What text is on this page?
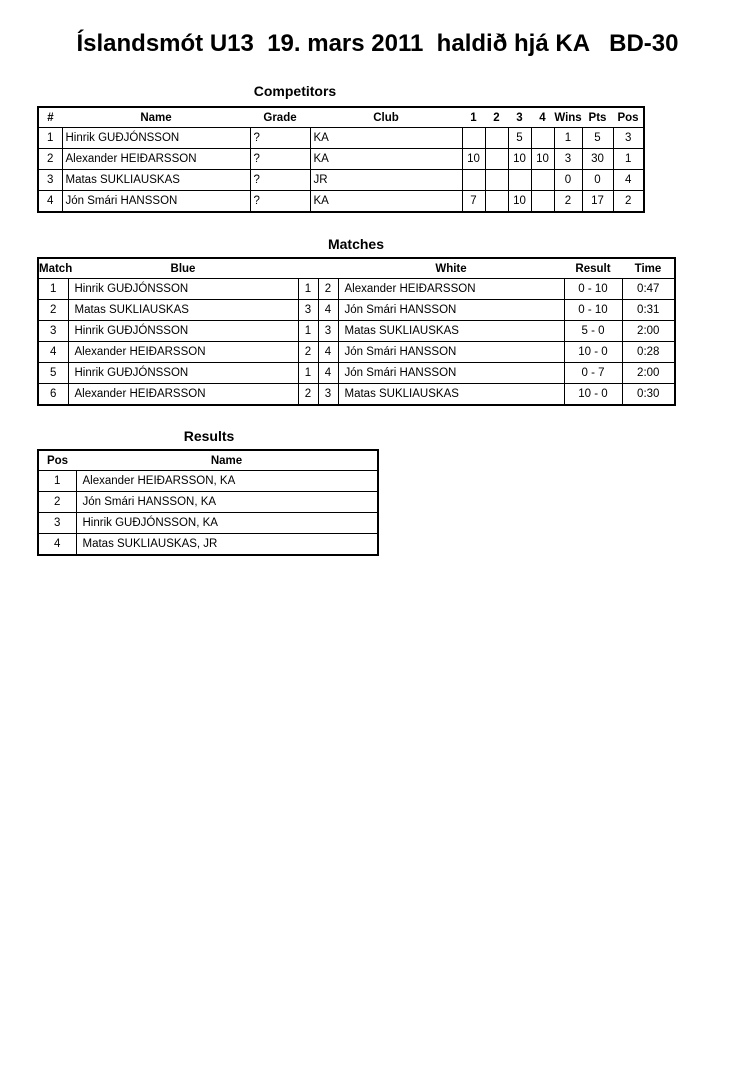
Íslandsmót U13  19. mars 2011  haldið hjá KA   BD-30
Competitors
#	Name	Grade	Club	1	2	3	4	Wins	Pts	Pos
1	Hinrik GUÐJÓNSSON	?	KA			5		1	5	3
2	Alexander HEIÐARSSON	?	KA	10		10	10	3	30	1
3	Matas SUKLIAUSKAS	?	JR					0	0	4
4	Jón Smári HANSSON	?	KA	7		10		2	17	2
Matches
Match	Blue			White	Result	Time
1	Hinrik GUÐJÓNSSON	1	2	Alexander HEIÐARSSON	0 - 10	0:47
2	Matas SUKLIAUSKAS	3	4	Jón Smári HANSSON	0 - 10	0:31
3	Hinrik GUÐJÓNSSON	1	3	Matas SUKLIAUSKAS	5 - 0	2:00
4	Alexander HEIÐARSSON	2	4	Jón Smári HANSSON	10 - 0	0:28
5	Hinrik GUÐJÓNSSON	1	4	Jón Smári HANSSON	0 - 7	2:00
6	Alexander HEIÐARSSON	2	3	Matas SUKLIAUSKAS	10 - 0	0:30
Results
Pos	Name
1	Alexander HEIÐARSSON, KA
2	Jón Smári HANSSON, KA
3	Hinrik GUÐJÓNSSON, KA
4	Matas SUKLIAUSKAS, JR
